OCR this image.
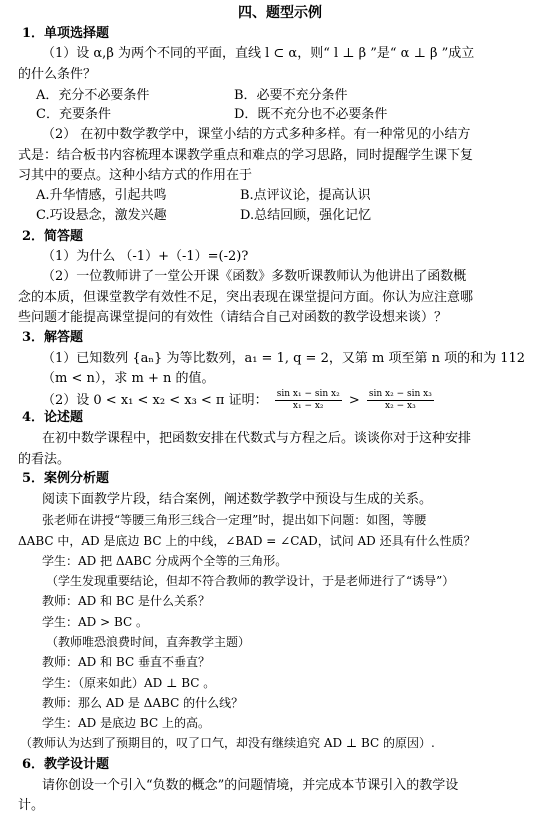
四、题型示例
1．单项选择题
（1）设 α,β 为两个不同的平面，直线 l ⊂ α，则“ l ⊥ β ”是“ α ⊥ β ”成立
的什么条件？
A．充分不必要条件	B．必要不充分条件
C．充要条件	D．既不充分也不必要条件
（2） 在初中数学教学中，课堂小结的方式多种多样。有一种常见的小结方
式是：结合板书内容梳理本课教学重点和难点的学习思路，同时提醒学生课下复
习其中的要点。这种小结方式的作用在于
A.升华情感，引起共鸣	B.点评议论，提高认识
C.巧设悬念，激发兴趣	D.总结回顾，强化记忆
2．简答题
（1）为什么 （-1）+（-1）=(-2)?
（2）一位教师讲了一堂公开课《函数》多数听课教师认为他讲出了函数概
念的本质，但课堂教学有效性不足，突出表现在课堂提问方面。你认为应注意哪
些问题才能提高课堂提问的有效性（请结合自己对函数的教学设想来谈）？
3．解答题
（1）已知数列 {aₙ} 为等比数列，a₁ = 1, q = 2，又第 m 项至第 n 项的和为 112
（m < n），求 m + n 的值。
（2）设 0 < x₁ < x₂ < x₃ < π 证明： $\frac{\text{sin x₁ − sin x₂}}{\text{x₁ − x₂}} > \frac{\text{sin x₂ − sin x₃}}{\text{x₂ − x₃}}$
4．论述题
在初中数学课程中，把函数安排在代数式与方程之后。谈谈你对于这种安排
的看法。
5．案例分析题
阅读下面教学片段，结合案例，阐述数学教学中预设与生成的关系。
张老师在讲授“等腰三角形三线合一定理”时，提出如下问题：如图，等腰
ΔABC 中，AD 是底边 BC 上的中线，∠BAD = ∠CAD，试问 AD 还具有什么性质？
学生：AD 把 ΔABC 分成两个全等的三角形。
（学生发现重要结论，但却不符合教师的教学设计，于是老师进行了“诱导”）
教师：AD 和 BC 是什么关系？
学生：AD > BC 。
（教师唯恐浪费时间，直奔教学主题）
教师：AD 和 BC 垂直不垂直？
学生：（原来如此）AD ⊥ BC 。
教师：那么 AD 是 ΔABC 的什么线？
学生：AD 是底边 BC 上的高。
（教师认为达到了预期目的，叹了口气，却没有继续追究 AD ⊥ BC 的原因）.
6．教学设计题
请你创设一个引入“负数的概念”的问题情境，并完成本节课引入的教学设
计。
